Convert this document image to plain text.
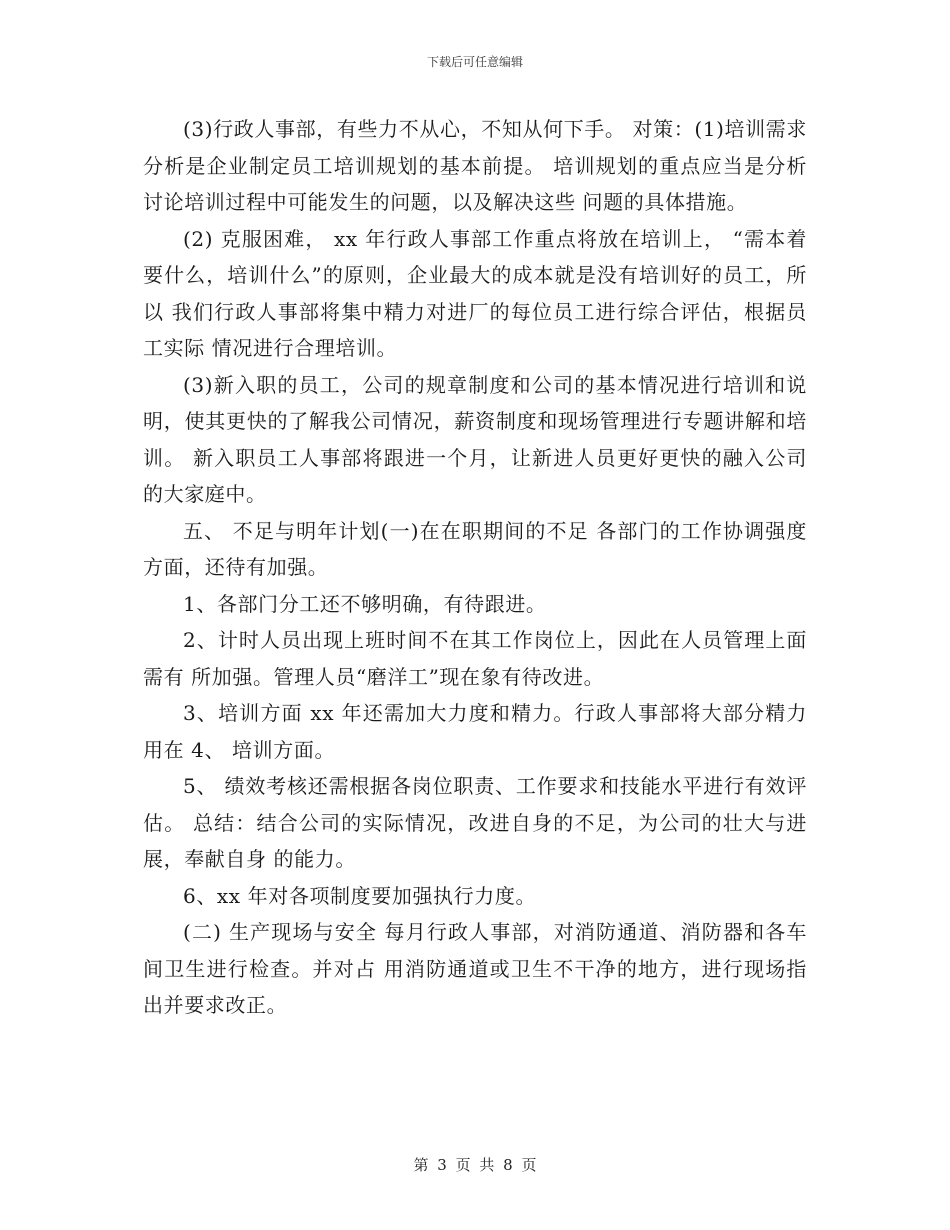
下载后可任意编辑

(3)行政人事部，有些力不从心，不知从何下手。 对策：(1)培训需求分析是企业制定员工培训规划的基本前提。 培训规划的重点应当是分析讨论培训过程中可能发生的问题，以及解决这些 问题的具体措施。

(2) 克服困难， xx 年行政人事部工作重点将放在培训上， “需本着 要什么，培训什么”的原则，企业最大的成本就是没有培训好的员工，所以 我们行政人事部将集中精力对进厂的每位员工进行综合评估，根据员工实际 情况进行合理培训。

(3)新入职的员工，公司的规章制度和公司的基本情况进行培训和说明，使其更快的了解我公司情况，薪资制度和现场管理进行专题讲解和培训。 新入职员工人事部将跟进一个月，让新进人员更好更快的融入公司的大家庭中。

五、 不足与明年计划(一)在在职期间的不足 各部门的工作协调强度方面，还待有加强。

1、各部门分工还不够明确，有待跟进。

2、计时人员出现上班时间不在其工作岗位上，因此在人员管理上面需有 所加强。管理人员“磨洋工”现在象有待改进。

3、培训方面 xx 年还需加大力度和精力。行政人事部将大部分精力用在 4、 培训方面。

5、 绩效考核还需根据各岗位职责、工作要求和技能水平进行有效评估。 总结：结合公司的实际情况，改进自身的不足，为公司的壮大与进展，奉献自身 的能力。

6、xx 年对各项制度要加强执行力度。

(二) 生产现场与安全 每月行政人事部，对消防通道、消防器和各车间卫生进行检查。并对占 用消防通道或卫生不干净的地方，进行现场指出并要求改正。

第 3 页 共 8 页
